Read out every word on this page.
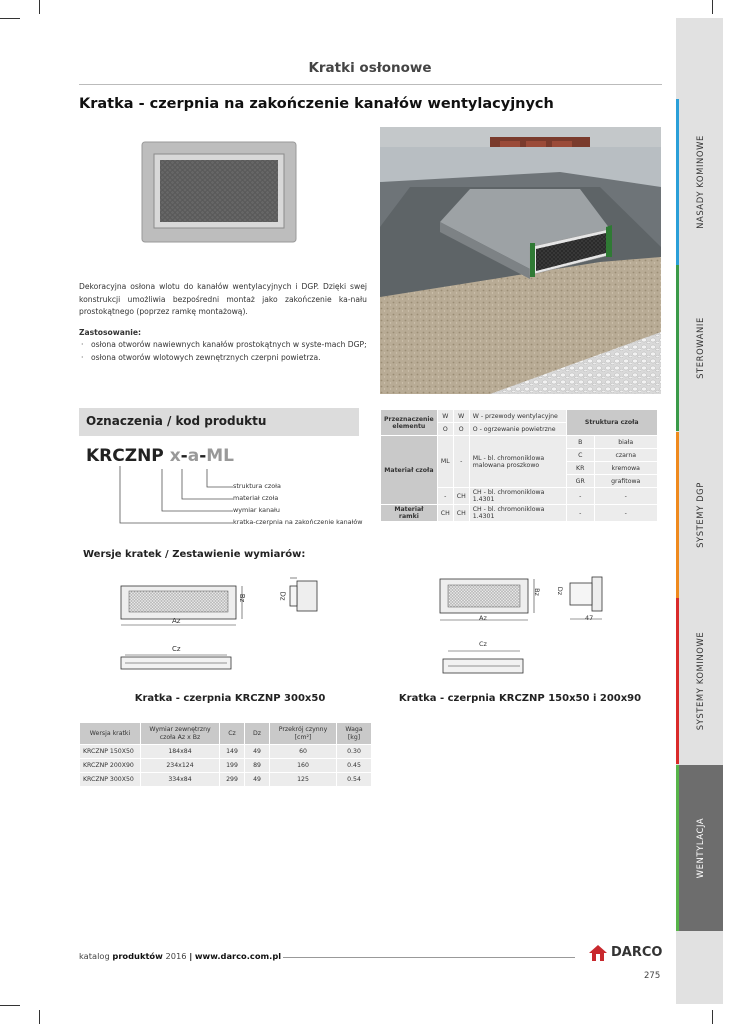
NASADY KOMINOWE
STEROWANIE
SYSTEMY DGP
SYSTEMY KOMINOWE
WENTYLACJA
Kratki osłonowe
Kratka - czerpnia na zakończenie kanałów wentylacyjnych

Dekoracyjna osłona wlotu do kanałów wentylacyjnych i DGP. Dzięki swej konstrukcji umożliwia bezpośredni montaż jako zakończenie ka-nału prostokątnego (poprzez ramkę montażową).

Zastosowanie:

· osłona otworów nawiewnych kanałów prostokątnych w syste-mach DGP;
· osłona otworów wlotowych zewnętrznych czerpni powietrza.
Oznaczenia / kod produktu
KRCZNP x-a-ML
struktura czoła
materiał czoła
wymiar kanału
kratka-czerpnia na zakończenie kanałów
Przeznaczenie elementu	W	W	W - przewody wentylacyjne	Struktura czoła	
	O	O	O - ogrzewanie powietrzne		
Materiał czoła	ML	-	ML - bl. chromoniklowa malowana proszkowo	B	biała
				C	czarna
				KR	kremowa
				GR	grafitowa
	-	CH	CH - bl. chromoniklowa 1.4301	-	-
Materiał ramki	CH	CH	CH - bl. chromoniklowa 1.4301	-	-
Wersje kratek / Zestawienie wymiarów:
Az
Bz	Dz
Cz
Az
Bz Dz
47
Cz
Kratka - czerpnia KRCZNP 300x50	Kratka - czerpnia KRCZNP 150x50 i 200x90
Wersja kratki	Wymiar zewnętrzny czoła Az x Bz	Cz	Dz	Przekrój czynny [cm²]	Waga [kg]
KRCZNP 150X50	184x84	149	49	60	0.30
KRCZNP 200X90	234x124	199	89	160	0.45
KRCZNP 300X50	334x84	299	49	125	0.54
katalog produktów 2016 | www.darco.com.pl	DARCO
275
